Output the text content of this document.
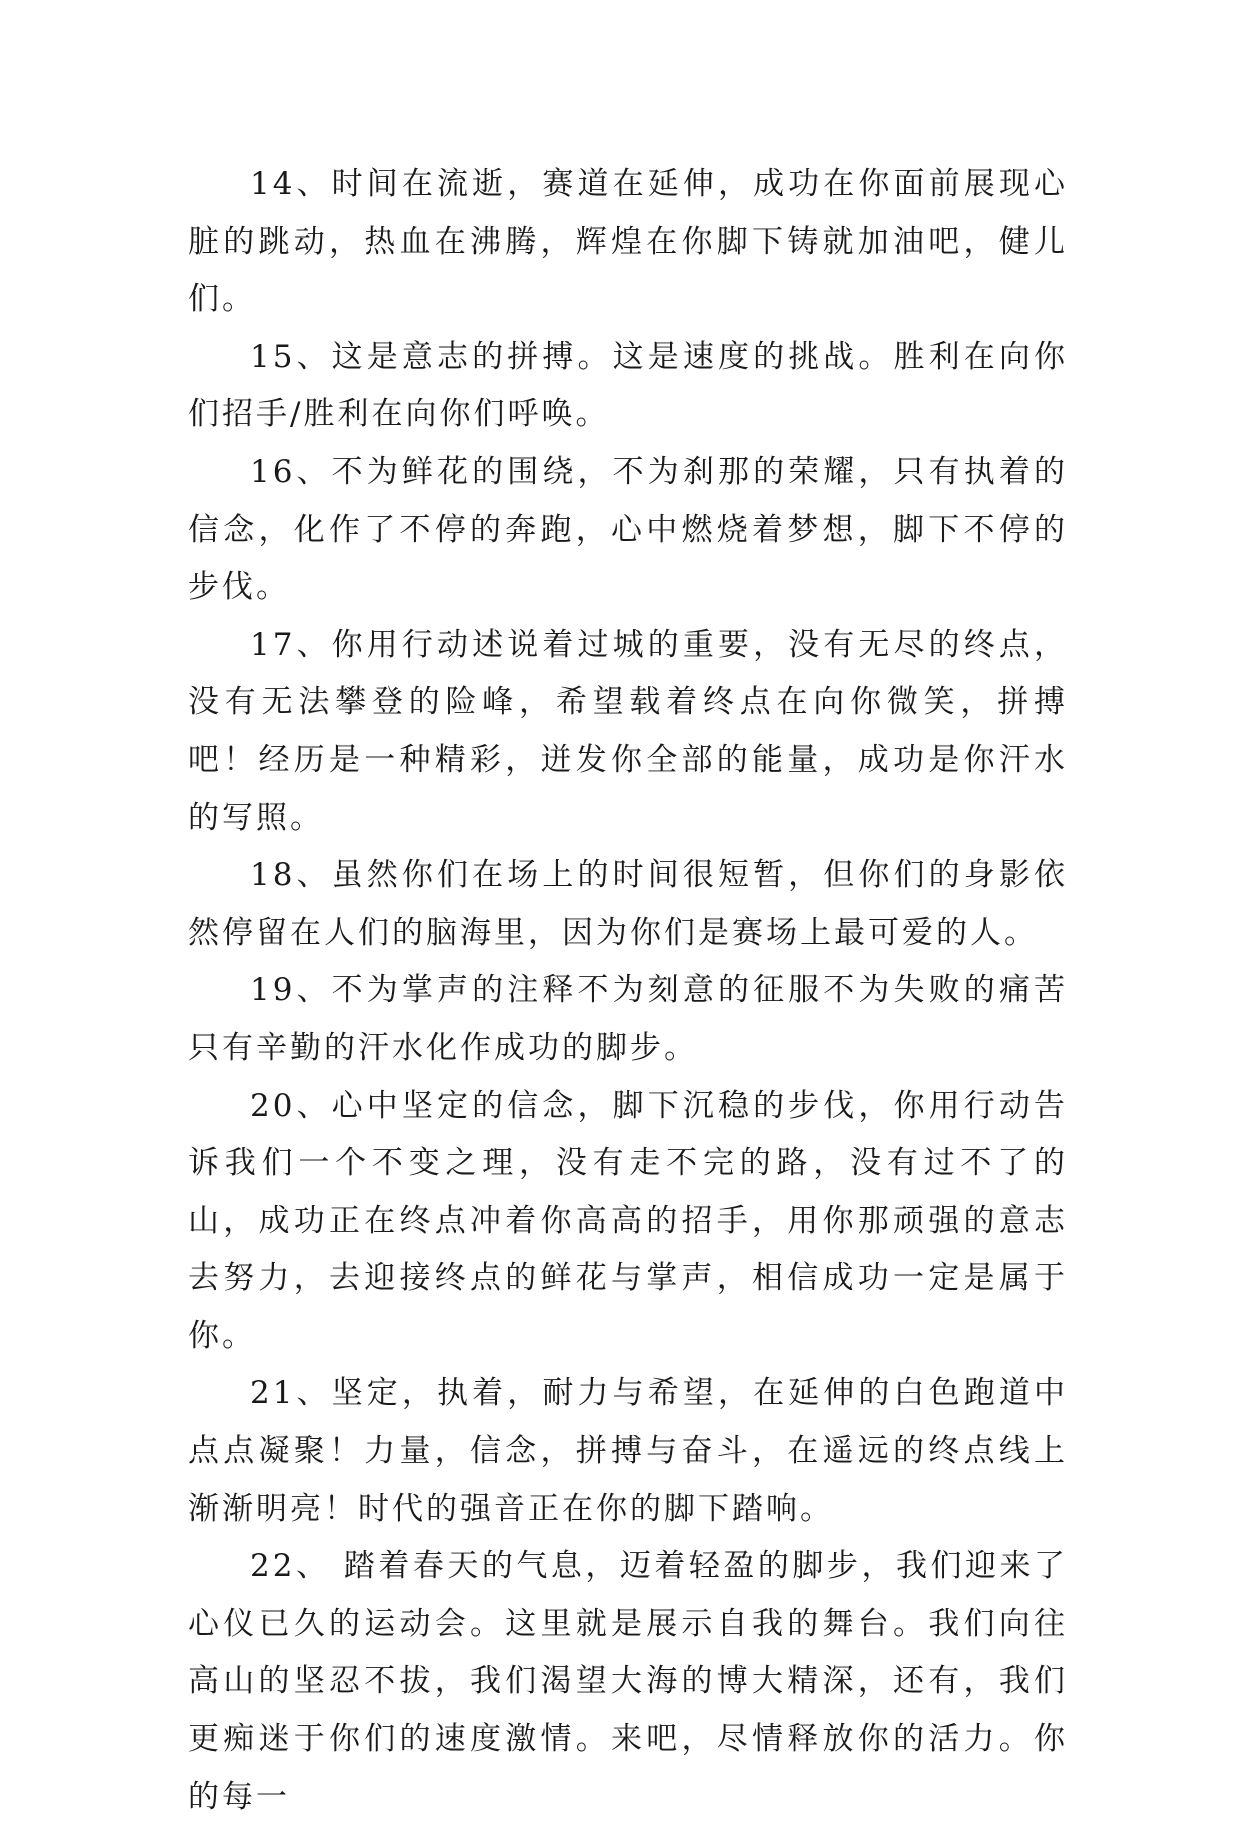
14、时间在流逝，赛道在延伸，成功在你面前展现心脏的跳动，热血在沸腾，辉煌在你脚下铸就加油吧，健儿们。

15、这是意志的拼搏。这是速度的挑战。胜利在向你们招手/胜利在向你们呼唤。

16、不为鲜花的围绕，不为刹那的荣耀，只有执着的信念，化作了不停的奔跑，心中燃烧着梦想，脚下不停的步伐。

17、你用行动述说着过城的重要，没有无尽的终点，没有无法攀登的险峰，希望载着终点在向你微笑，拼搏吧！经历是一种精彩，迸发你全部的能量，成功是你汗水的写照。

18、虽然你们在场上的时间很短暂，但你们的身影依然停留在人们的脑海里，因为你们是赛场上最可爱的人。

19、不为掌声的注释不为刻意的征服不为失败的痛苦只有辛勤的汗水化作成功的脚步。

20、心中坚定的信念，脚下沉稳的步伐，你用行动告诉我们一个不变之理，没有走不完的路，没有过不了的山，成功正在终点冲着你高高的招手，用你那顽强的意志去努力，去迎接终点的鲜花与掌声，相信成功一定是属于你。

21、坚定，执着，耐力与希望，在延伸的白色跑道中点点凝聚！力量，信念，拼搏与奋斗，在遥远的终点线上渐渐明亮！时代的强音正在你的脚下踏响。

22、 踏着春天的气息，迈着轻盈的脚步，我们迎来了心仪已久的运动会。这里就是展示自我的舞台。我们向往高山的坚忍不拔，我们渴望大海的博大精深，还有，我们更痴迷于你们的速度激情。来吧，尽情释放你的活力。你的每一
